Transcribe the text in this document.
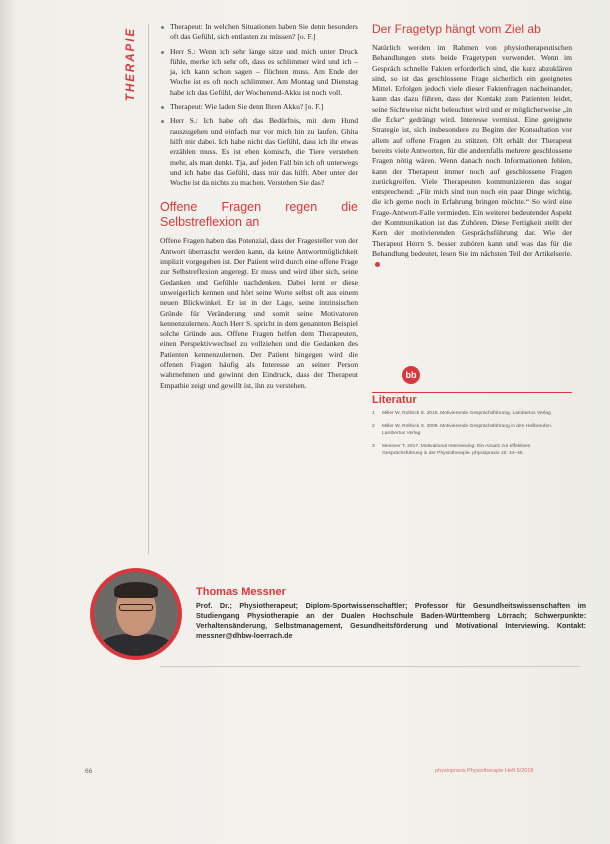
THERAPIE
Therapeut: In welchen Situationen haben Sie denn besonders oft das Gefühl, sich entlasten zu müssen? [o. F.]
Herr S.: Wenn ich sehr lange sitze und mich unter Druck fühle, merke ich sehr oft, dass es schlimmer wird und ich – ja, ich kann schon sagen – flüchten muss. Am Ende der Woche ist es oft noch schlimmer. Am Montag und Dienstag habe ich das Gefühl, der Wochenend-Akku ist noch voll.
Therapeut: Wie laden Sie denn Ihren Akku? [o. F.]
Herr S.: Ich habe oft das Bedürfnis, mit dem Hund rauszugehen und einfach nur vor mich hin zu laufen. Ghita hilft mir dabei. Ich habe nicht das Gefühl, dass ich ihr etwas erzählen muss. Es ist eben komisch, die Tiere verstehen mehr, als man denkt. Tja, auf jeden Fall bin ich oft unterwegs und ich habe das Gefühl, dass mir das hilft. Aber unter der Woche ist da nichts zu machen. Verstehen Sie das?
Offene Fragen regen die Selbstreflexion an

Offene Fragen haben das Potenzial, dass der Fragesteller von der Antwort überrascht werden kann, da keine Antwortmöglichkeit implizit vorgegeben ist. Der Patient wird durch eine offene Frage zur Selbstreflexion angeregt. Er muss und wird über sich, seine Gedanken und Gefühle nachdenken. Dabei lernt er diese unweigerlich kennen und hört seine Worte selbst oft aus einem neuen Blickwinkel. Er ist in der Lage, seine intrinsischen Gründe für Veränderung und somit seine Motivatoren kennenzulernen. Auch Herr S. spricht in dem genannten Beispiel solche Gründe aus. Offene Fragen helfen dem Therapeuten, einen Perspektivwechsel zu vollziehen und die Gedanken des Patienten kennenzulernen. Der Patient hingegen wird die offenen Fragen häufig als Interesse an seiner Person wahrnehmen und gewinnt den Eindruck, dass der Therapeut Empathie zeigt und gewillt ist, ihn zu verstehen.

Der Fragetyp hängt vom Ziel ab

Natürlich werden im Rahmen von physiotherapeutischen Behandlungen stets beide Fragetypen verwendet. Wenn im Gespräch schnelle Fakten erforderlich sind, die kurz abzuklären sind, so ist das geschlossene Frage sicherlich ein geeignetes Mittel. Erfolgen jedoch viele dieser Faktenfragen nacheinander, kann das dazu führen, dass der Kontakt zum Patienten leidet, seine Sichtweise nicht beleuchtet wird und er möglicherweise „in die Ecke“ gedrängt wird. Interesse vermisst. Eine geeignete Strategie ist, sich insbesondere zu Beginn der Konsultation vor allem auf offene Fragen zu stützen. Oft erhält der Therapeut bereits viele Antworten, für die andernfalls mehrere geschlossene Fragen nötig wären. Wenn danach noch Informationen fehlen, kann der Therapeut immer noch auf geschlossene Fragen zurückgreifen. Viele Therapeuten kommunizieren das sogar entsprechend: „Für mich sind nun noch ein paar Dinge wichtig, die ich gerne noch in Erfahrung bringen möchte.“ So wird eine Frage-Antwort-Falle vermieden. Ein weiterer bedeutender Aspekt der Kommunikation ist das Zuhören. Diese Fertigkeit stellt der Kern der motivierenden Gesprächsführung dar. Wie der Therapeut Herrn S. besser zuhören kann und was das für die Behandlung bedeutet, lesen Sie im nächsten Teil der Artikelserie.

bb
Literatur
1 Miller W, Rollnick S. 2015. Motivierende Gesprächsführung. Lambertus Verlag
2 Miller W, Rollnick S. 2009. Motivierende Gesprächsführung in den Heilberufen. Lambertus Verlag
3 Messner T. 2017. Motivational Interviewing. Ein Ansatz zur effektiven Gesprächsführung in der Physiotherapie. physiopraxis 15: 44–45
Thomas Messner
Prof. Dr.; Physiotherapeut; Diplom-Sportwissenschaftler; Professor für Gesundheitswissenschaften im Studiengang Physiotherapie an der Dualen Hochschule Baden-Württemberg Lörrach; Schwerpunkte: Verhaltensänderung, Selbstmanagement, Gesundheitsförderung und Motivational Interviewing. Kontakt: messner@dhbw-loerrach.de
66	physiopraxis Physiotherapie Heft 5/2018
